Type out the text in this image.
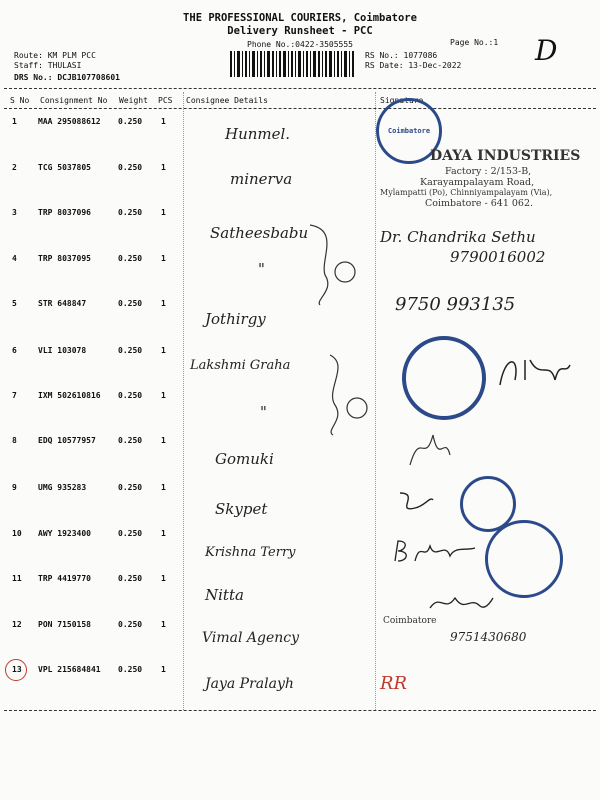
THE PROFESSIONAL COURIERS, Coimbatore
Delivery Runsheet - PCC
Phone No.:0422-3505555	Page No.:1 D
Route: KM PLM PCC
Staff: THULASI
DRS No.: DCJB107708601
RS No.: 1077086
RS Date: 13-Dec-2022
S No Consignment No Weight PCS Consignee Details	Signature
1	MAA 295088612 0.250 1
Hunmel.
2	TCG 5037805	0.250 1
minerva
3	TRP 8037096	0.250 1
Satheesbabu
4	TRP 8037095	0.250 1
"
5	STR 648847	0.250 1
Jothirgy
6	VLI 103078	0.250 1
Lakshmi Graha
7	IXM 502610816 0.250 1
"
8	EDQ 10577957	0.250 1
Gomuki
9	UMG 935283	0.250 1
Skypet
10 AWY 1923400	0.250 1
Krishna Terry
11 TRP 4419770	0.250 1
Nitta
12 PON 7150158	0.250 1
Vimal Agency
13 VPL 215684841 0.250 1
Jaya Pralayh
Coimbatore
DAYA INDUSTRIES
Factory : 2/153-B,
Karayampalayam Road,
Mylampatti (Po), Chinniyampalayam (Via),
Coimbatore - 641 062.
Dr. Chandrika Sethu
9790016002
9750 993135
Coimbatore
9751430680
RR
